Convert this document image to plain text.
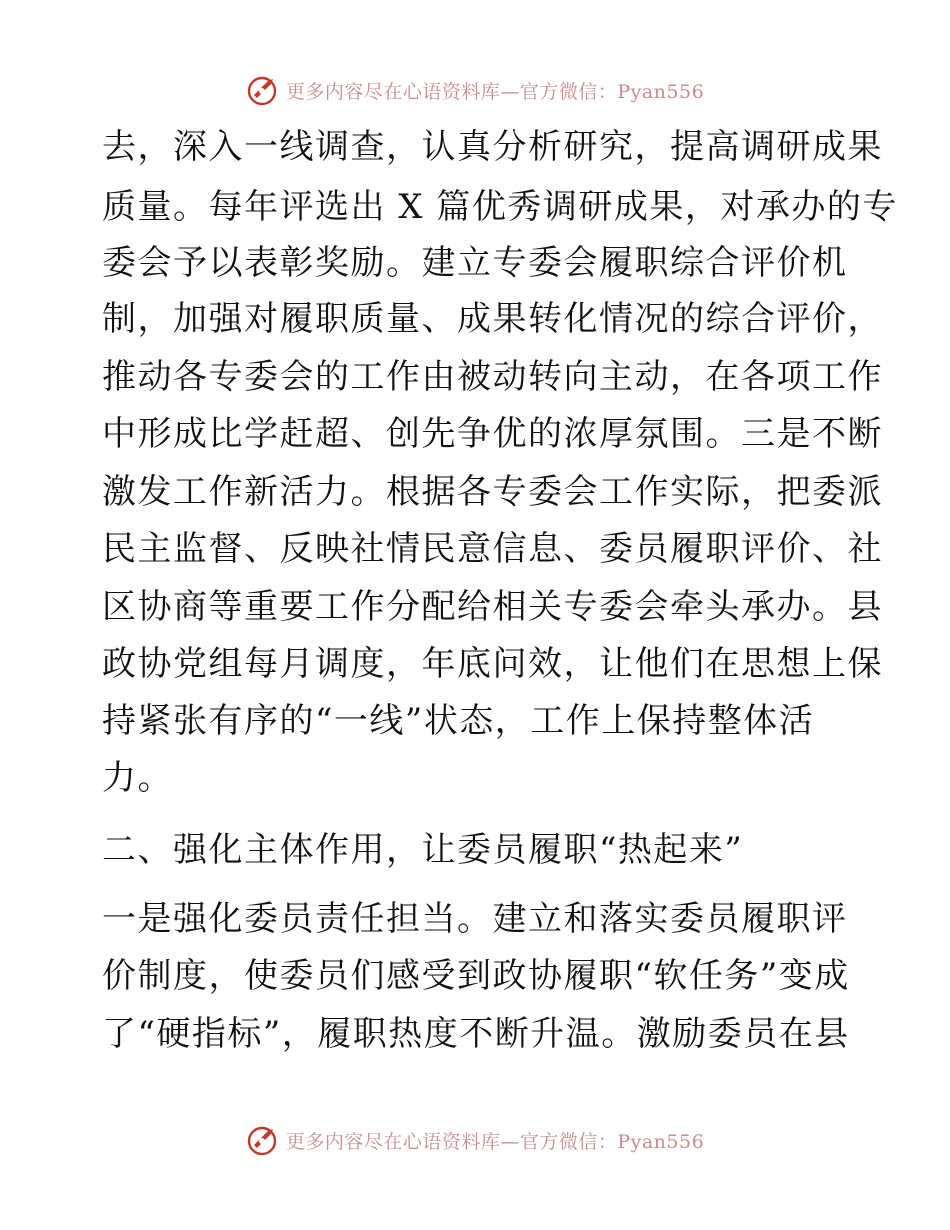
更多内容尽在心语资料库—官方微信：Pyan556
去，深入一线调查，认真分析研究，提高调研成果
质量。每年评选出 X 篇优秀调研成果，对承办的专
委会予以表彰奖励。建立专委会履职综合评价机
制，加强对履职质量、成果转化情况的综合评价，
推动各专委会的工作由被动转向主动，在各项工作
中形成比学赶超、创先争优的浓厚氛围。三是不断
激发工作新活力。根据各专委会工作实际，把委派
民主监督、反映社情民意信息、委员履职评价、社
区协商等重要工作分配给相关专委会牵头承办。县
政协党组每月调度，年底问效，让他们在思想上保
持紧张有序的“一线”状态，工作上保持整体活
力。
二、强化主体作用，让委员履职“热起来”
一是强化委员责任担当。建立和落实委员履职评
价制度，使委员们感受到政协履职“软任务”变成
了“硬指标”，履职热度不断升温。激励委员在县
更多内容尽在心语资料库—官方微信：Pyan556
